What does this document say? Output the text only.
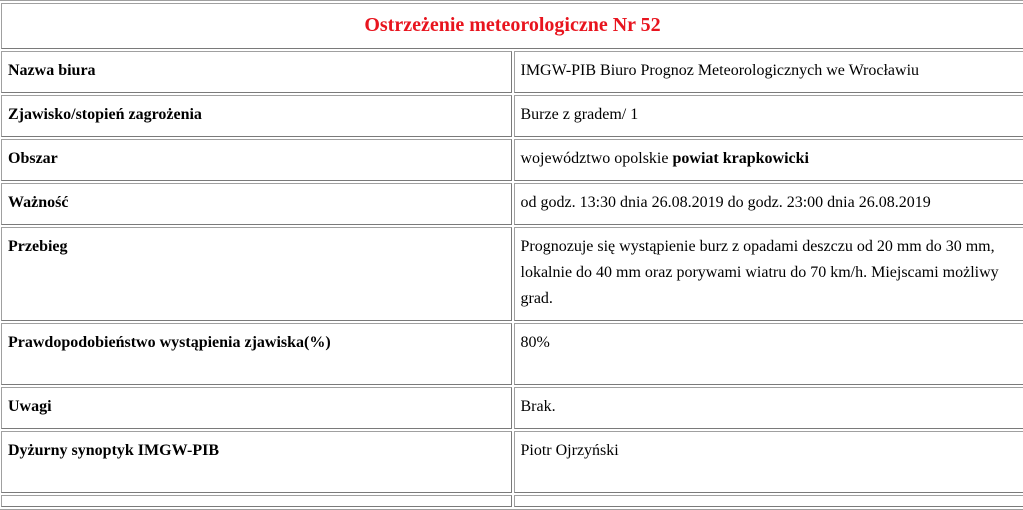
Ostrzeżenie meteorologiczne Nr 52	
Nazwa biura	IMGW-PIB Biuro Prognoz Meteorologicznych we Wrocławiu
Zjawisko/stopień zagrożenia	Burze z gradem/ 1
Obszar	województwo opolskie powiat krapkowicki
Ważność	od godz. 13:30 dnia 26.08.2019 do godz. 23:00 dnia 26.08.2019
Przebieg	Prognozuje się wystąpienie burz z opadami deszczu od 20 mm do 30 mm, lokalnie do 40 mm oraz porywami wiatru do 70 km/h. Miejscami możliwy grad.
Prawdopodobieństwo wystąpienia zjawiska(%)	80%
Uwagi	Brak.
Dyżurny synoptyk IMGW-PIB	Piotr Ojrzyński
